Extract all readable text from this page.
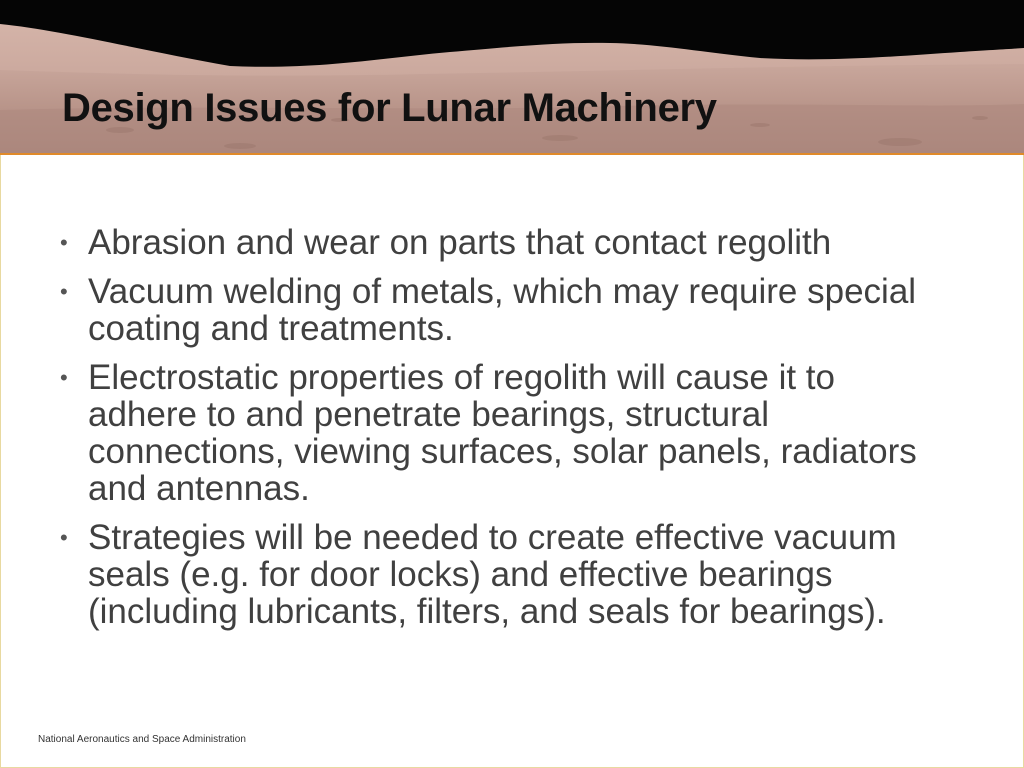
Design Issues for Lunar Machinery
• Abrasion and wear on parts that contact regolith
• Vacuum welding of metals, which may require special coating and treatments.
• Electrostatic properties of regolith will cause it to adhere to and penetrate bearings, structural connections, viewing surfaces, solar panels, radiators and antennas.
• Strategies will be needed to create effective vacuum seals (e.g. for door locks) and effective bearings (including lubricants, filters, and seals for bearings).
National Aeronautics and Space Administration
